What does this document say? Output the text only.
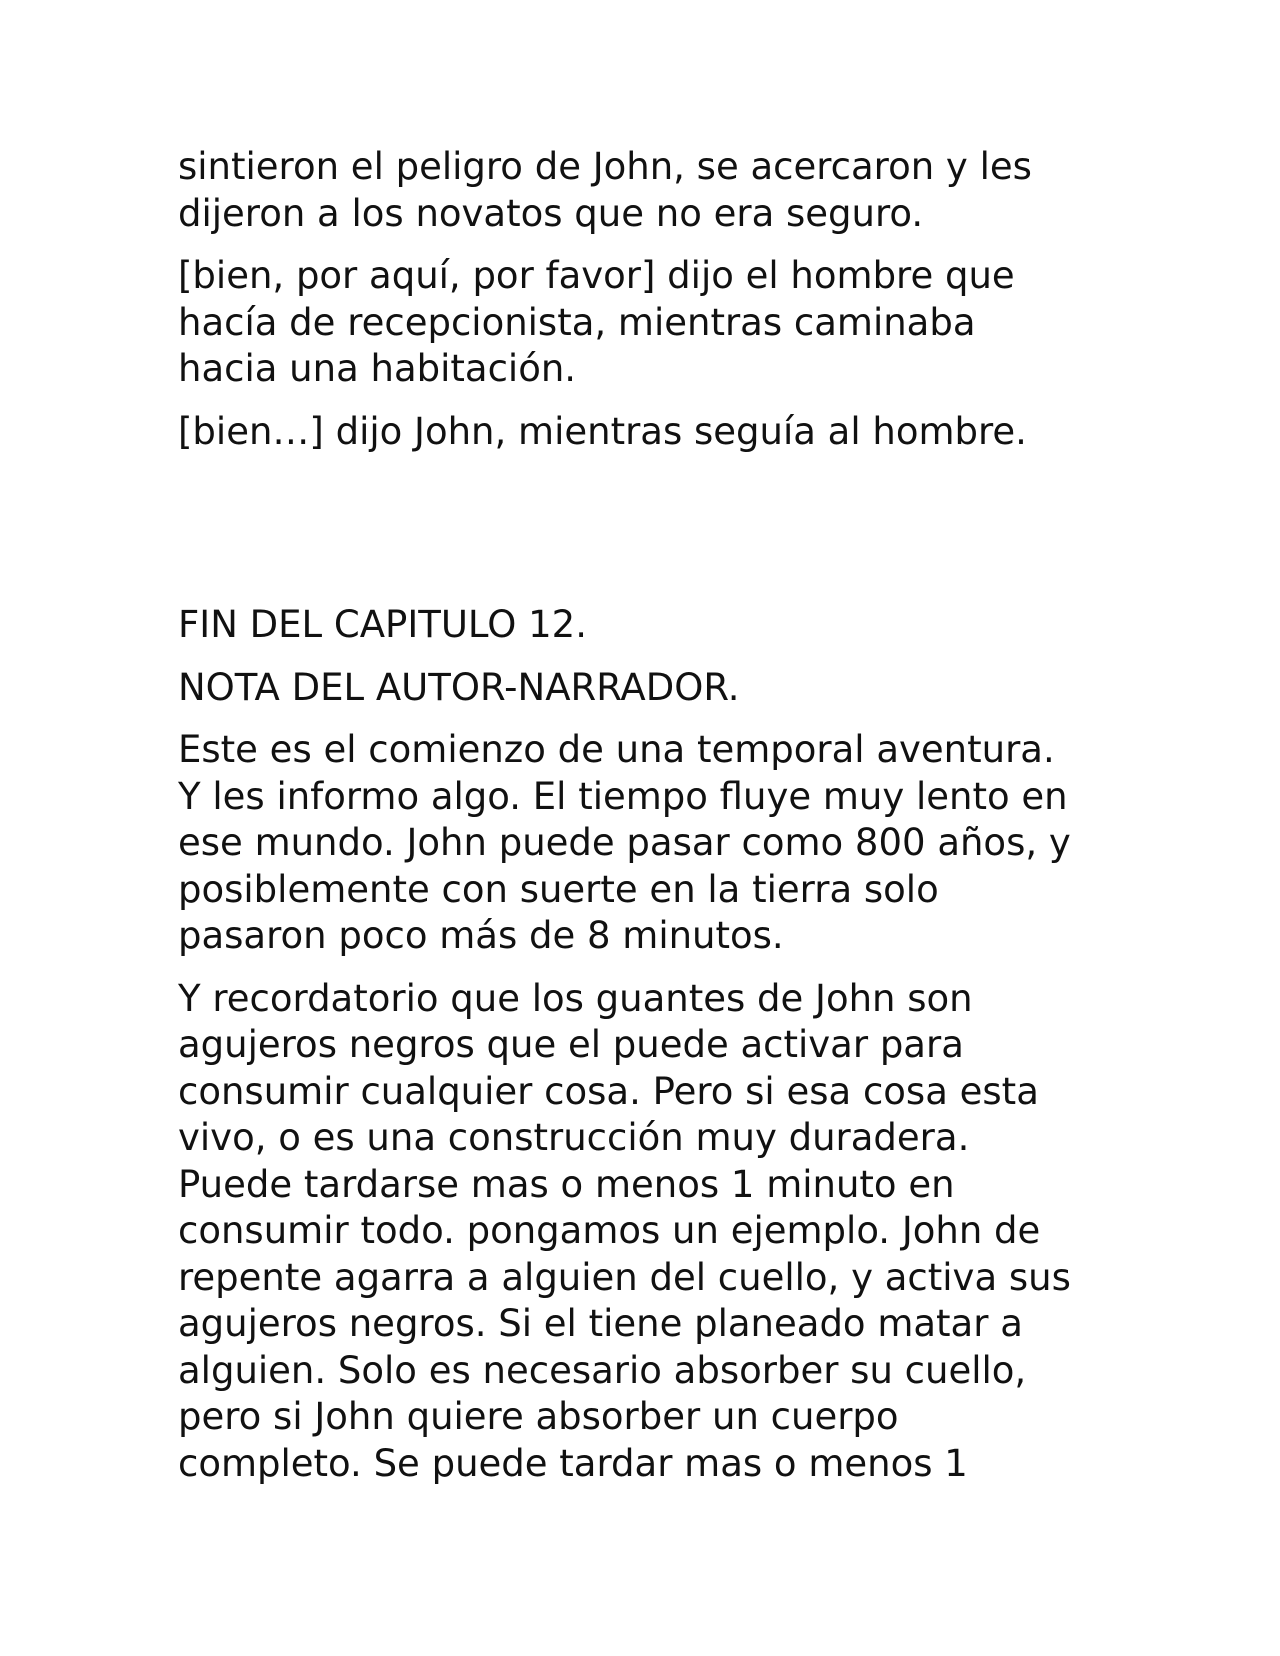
sintieron el peligro de John, se acercaron y les
dijeron a los novatos que no era seguro.

[bien, por aquí, por favor] dijo el hombre que
hacía de recepcionista, mientras caminaba
hacia una habitación.

[bien…] dijo John, mientras seguía al hombre.

FIN DEL CAPITULO 12.

NOTA DEL AUTOR-NARRADOR.

Este es el comienzo de una temporal aventura.
Y les informo algo. El tiempo fluye muy lento en
ese mundo. John puede pasar como 800 años, y
posiblemente con suerte en la tierra solo
pasaron poco más de 8 minutos.

Y recordatorio que los guantes de John son
agujeros negros que el puede activar para
consumir cualquier cosa. Pero si esa cosa esta
vivo, o es una construcción muy duradera.
Puede tardarse mas o menos 1 minuto en
consumir todo. pongamos un ejemplo. John de
repente agarra a alguien del cuello, y activa sus
agujeros negros. Si el tiene planeado matar a
alguien. Solo es necesario absorber su cuello,
pero si John quiere absorber un cuerpo
completo. Se puede tardar mas o menos 1
